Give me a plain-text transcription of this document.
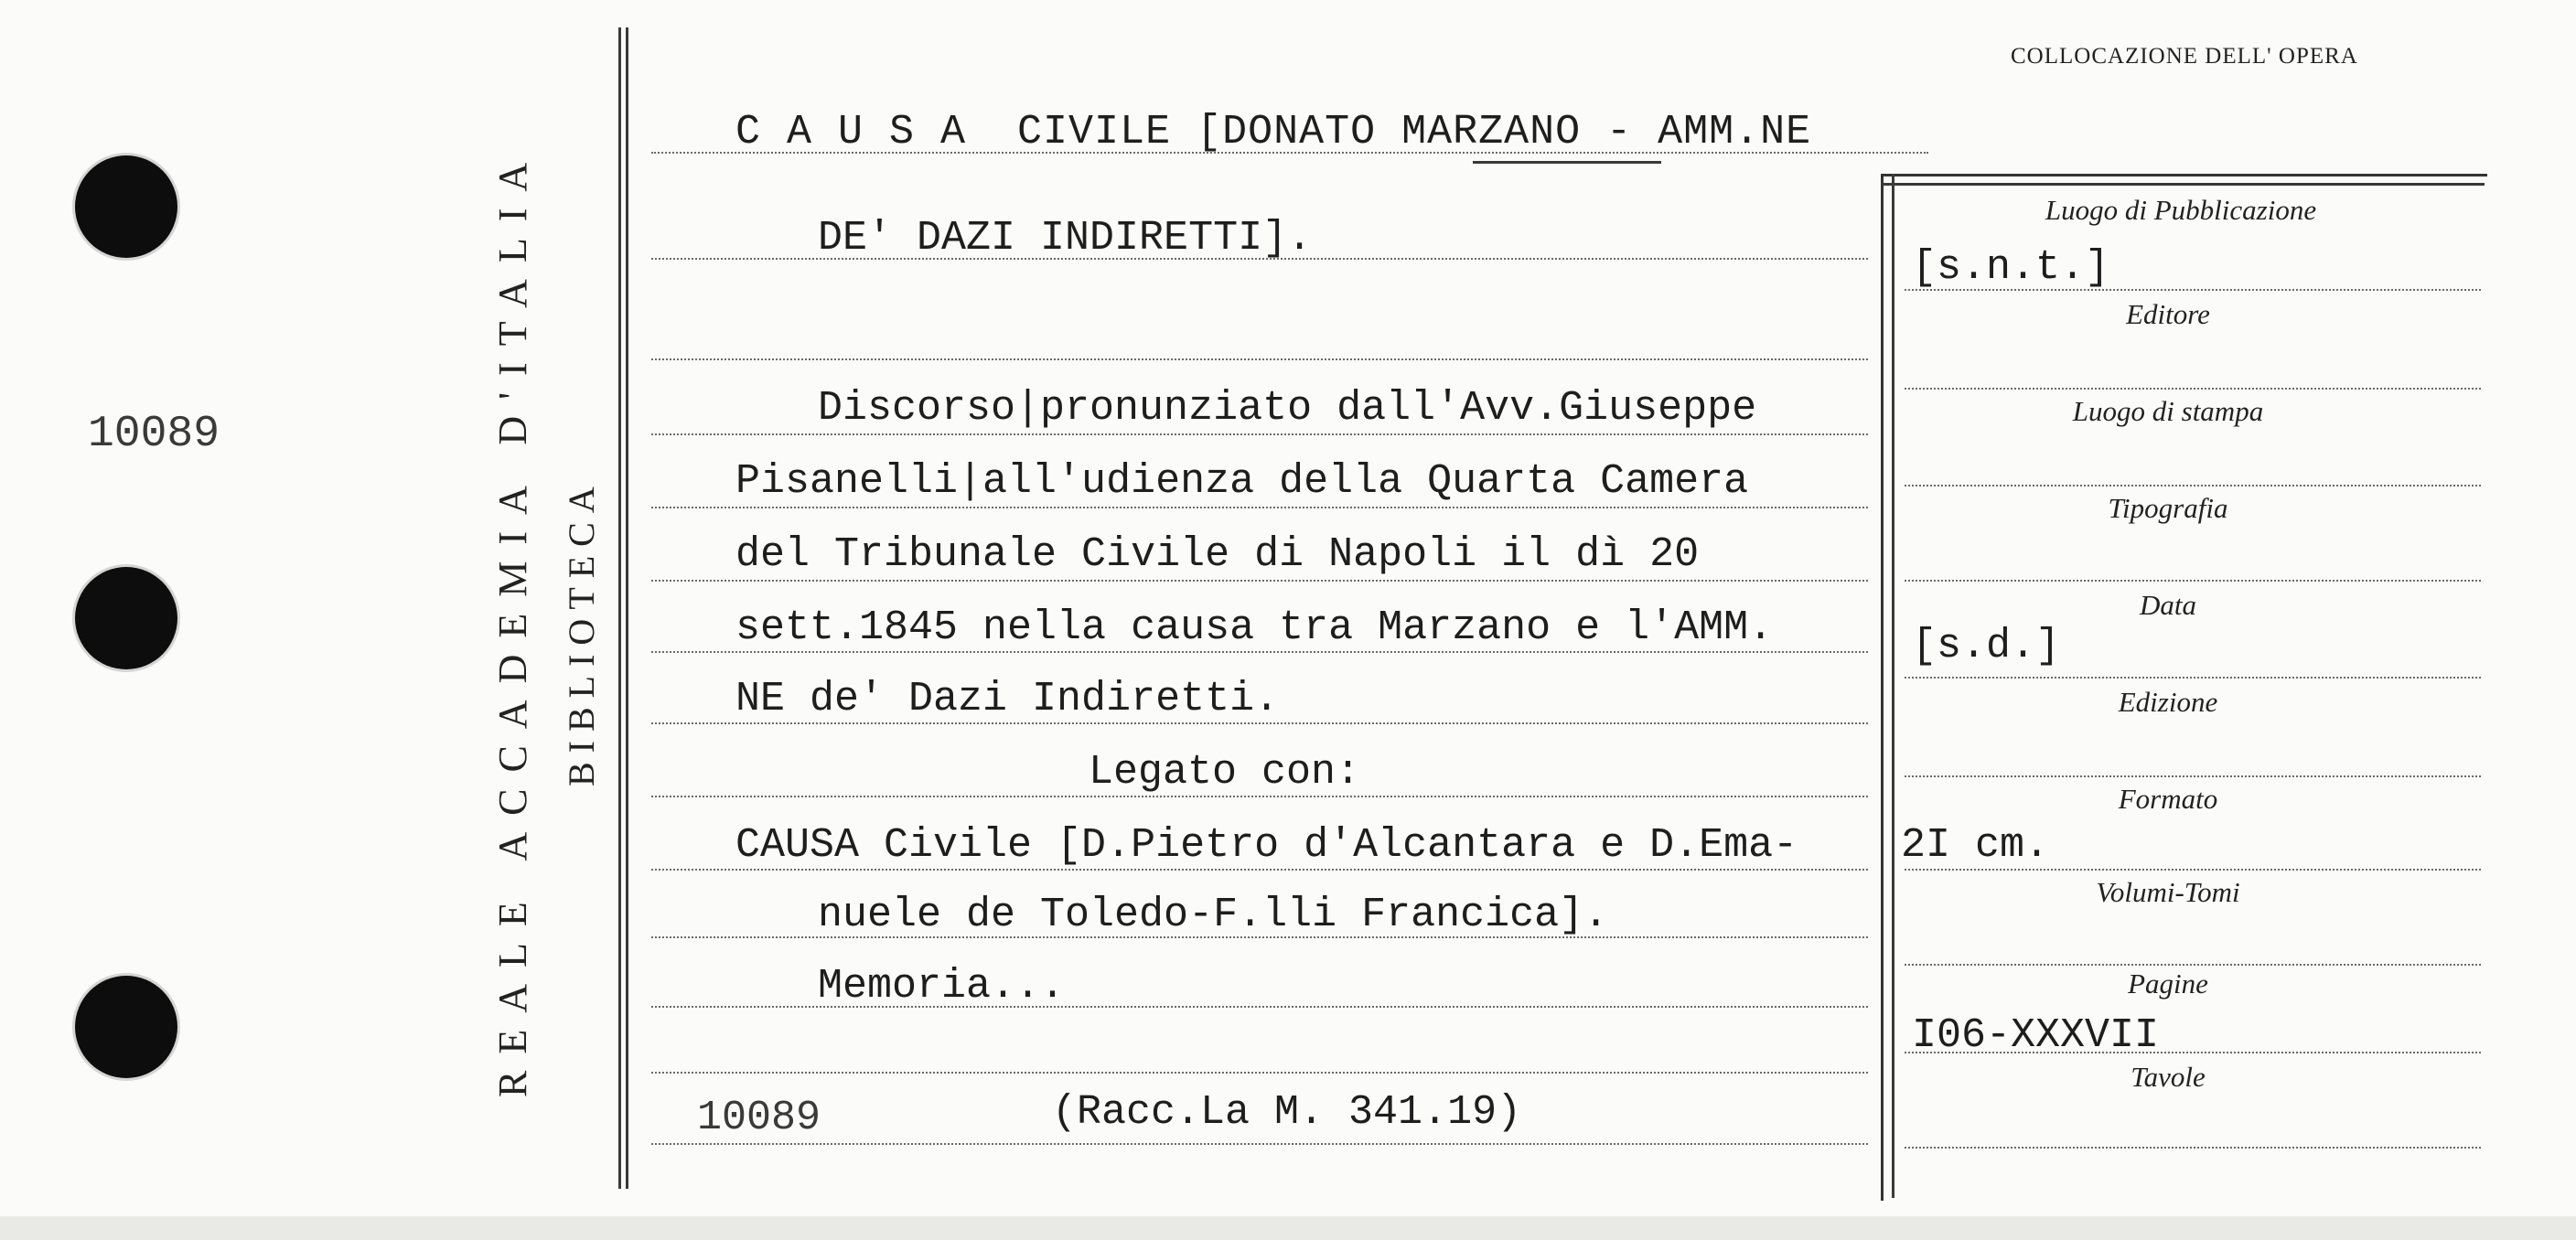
10089	REALE ACCADEMIA D'ITALIA BIBLIOTECA
COLLOCAZIONE DELL' OPERA
C A U S A  CIVILE [DONATO MARZANO - AMM.NE
DE' DAZI INDIRETTI].
Discorso|pronunziato dall'Avv.Giuseppe
Pisanelli|all'udienza della Quarta Camera
del Tribunale Civile di Napoli il dì 20
sett.1845 nella causa tra Marzano e l'AMM.
NE de' Dazi Indiretti.
Legato con:
CAUSA Civile [D.Pietro d'Alcantara e D.Ema-
nuele de Toledo-F.lli Francica].
Memoria...
10089	(Racc.La M. 341.19)
Luogo di Pubblicazione
[s.n.t.]
Editore
Luogo di stampa
Tipografia
Data
[s.d.]
Edizione
Formato
2I cm.
Volumi-Tomi
Pagine
I06-XXXVII
Tavole
